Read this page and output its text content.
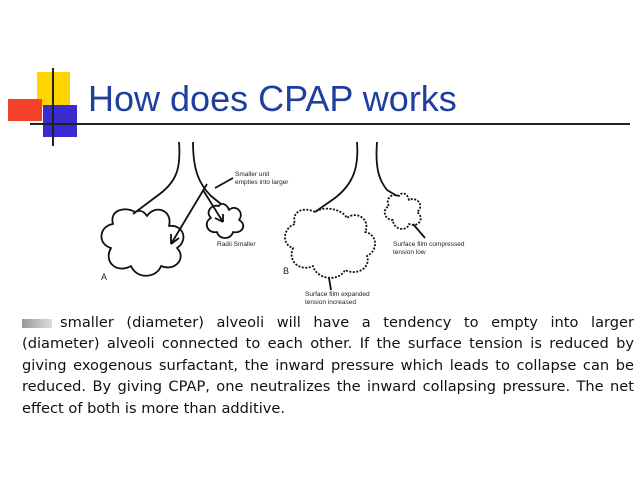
How does CPAP works
A
Smaller unit
empties into larger
Radii Smaller
B
Surface film compressed
tension low
Surface film expanded
tension increased

smaller (diameter) alveoli will have a tendency to empty into larger (diameter) alveoli connected to each other. If the surface tension is reduced by giving exogenous surfactant, the inward pressure which leads to collapse can be reduced. By giving CPAP, one neutralizes the inward collapsing pressure. The net effect of both is more than additive.
